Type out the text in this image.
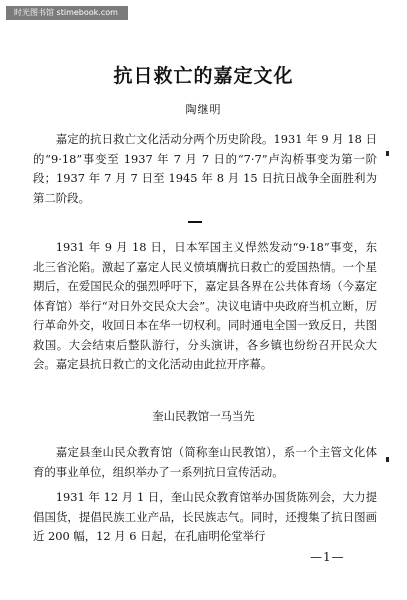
时光图书馆 stimebook.com
抗日救亡的嘉定文化
陶继明

嘉定的抗日救亡文化活动分两个历史阶段。1931 年 9 月 18 日的“9·18”事变至 1937 年 7 月 7 日的“7·7”卢沟桥事变为第一阶段；1937 年 7 月 7 日至 1945 年 8 月 15 日抗日战争全面胜利为第二阶段。

1931 年 9 月 18 日，日本军国主义悍然发动“9·18”事变，东北三省沦陷。激起了嘉定人民义愤填膺抗日救亡的爱国热情。一个星期后，在爱国民众的强烈呼吁下，嘉定县各界在公共体育场（今嘉定体育馆）举行“对日外交民众大会”。决议电请中央政府当机立断，厉行革命外交，收回日本在华一切权利。同时通电全国一致反日，共图救国。大会结束后整队游行，分头演讲，各乡镇也纷纷召开民众大会。嘉定县抗日救亡的文化活动由此拉开序幕。

奎山民教馆一马当先

嘉定县奎山民众教育馆（简称奎山民教馆），系一个主管文化体育的事业单位，组织举办了一系列抗日宣传活动。

1931 年 12 月 1 日，奎山民众教育馆举办国货陈列会，大力提倡国货，提倡民族工业产品，长民族志气。同时，还搜集了抗日图画近 200 幅，12 月 6 日起，在孔庙明伦堂举行

—1—
